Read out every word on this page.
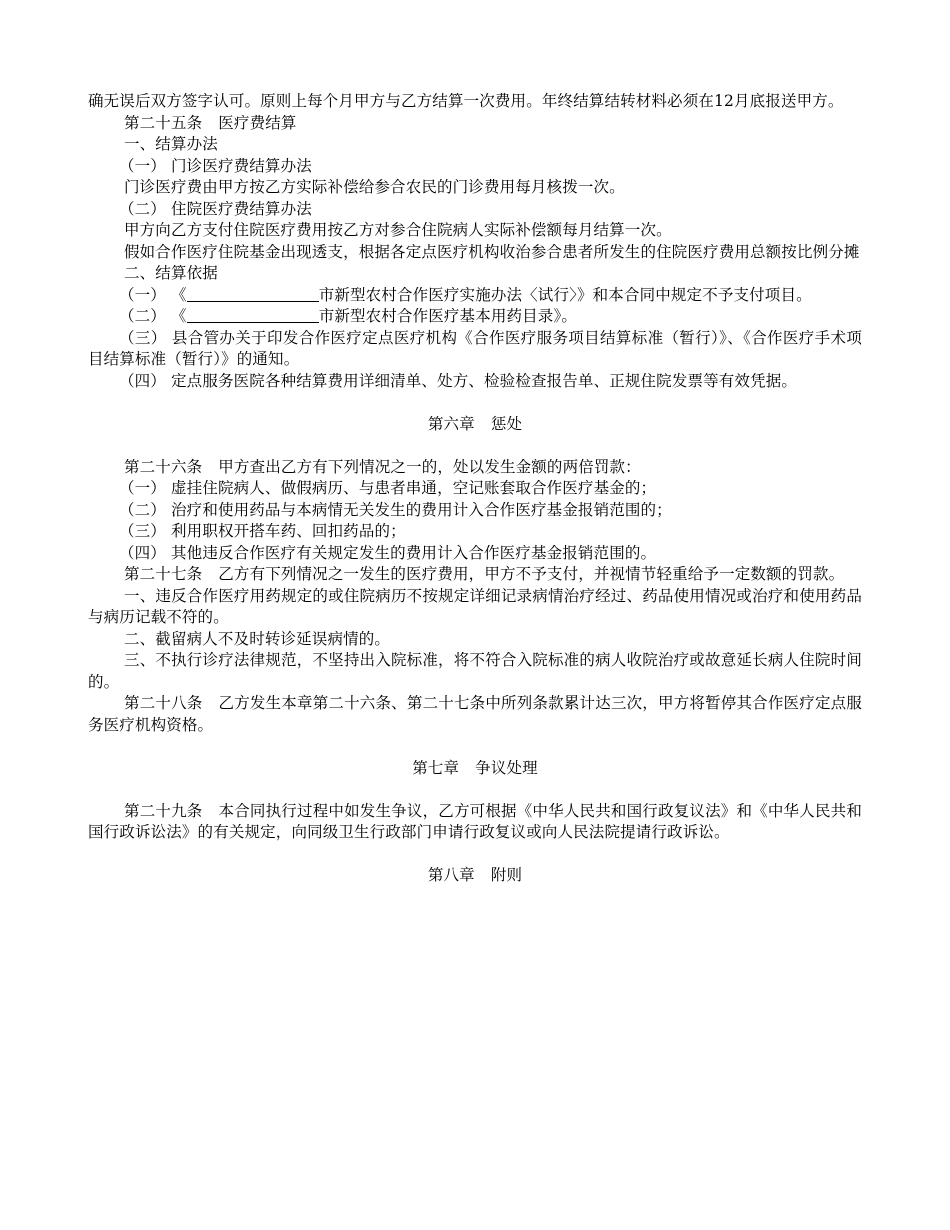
确无误后双方签字认可。原则上每个月甲方与乙方结算一次费用。年终结算结转材料必须在12月底报送甲方。

第二十五条 医疗费结算

一、结算办法

（一） 门诊医疗费结算办法

门诊医疗费由甲方按乙方实际补偿给参合农民的门诊费用每月核拨一次。

（二） 住院医疗费结算办法

甲方向乙方支付住院医疗费用按乙方对参合住院病人实际补偿额每月结算一次。

假如合作医疗住院基金出现透支，根据各定点医疗机构收治参合患者所发生的住院医疗费用总额按比例分摊

二、结算依据

（一） 《	市新型农村合作医疗实施办法〈试行〉》和本合同中规定不予支付项目。

（二） 《	市新型农村合作医疗基本用药目录》。

（三） 县合管办关于印发合作医疗定点医疗机构《合作医疗服务项目结算标准（暂行）》、《合作医疗手术项目结算标准（暂行）》的通知。

（四） 定点服务医院各种结算费用详细清单、处方、检验检查报告单、正规住院发票等有效凭据。

第六章 惩处

第二十六条 甲方查出乙方有下列情况之一的，处以发生金额的两倍罚款：

（一） 虚挂住院病人、做假病历、与患者串通，空记账套取合作医疗基金的；

（二） 治疗和使用药品与本病情无关发生的费用计入合作医疗基金报销范围的；

（三） 利用职权开搭车药、回扣药品的；

（四） 其他违反合作医疗有关规定发生的费用计入合作医疗基金报销范围的。

第二十七条 乙方有下列情况之一发生的医疗费用，甲方不予支付，并视情节轻重给予一定数额的罚款。

一、违反合作医疗用药规定的或住院病历不按规定详细记录病情治疗经过、药品使用情况或治疗和使用药品与病历记载不符的。

二、截留病人不及时转诊延误病情的。

三、不执行诊疗法律规范，不坚持出入院标准，将不符合入院标准的病人收院治疗或故意延长病人住院时间的。

第二十八条 乙方发生本章第二十六条、第二十七条中所列条款累计达三次，甲方将暂停其合作医疗定点服务医疗机构资格。

第七章 争议处理

第二十九条 本合同执行过程中如发生争议，乙方可根据《中华人民共和国行政复议法》和《中华人民共和国行政诉讼法》的有关规定，向同级卫生行政部门申请行政复议或向人民法院提请行政诉讼。

第八章 附则
